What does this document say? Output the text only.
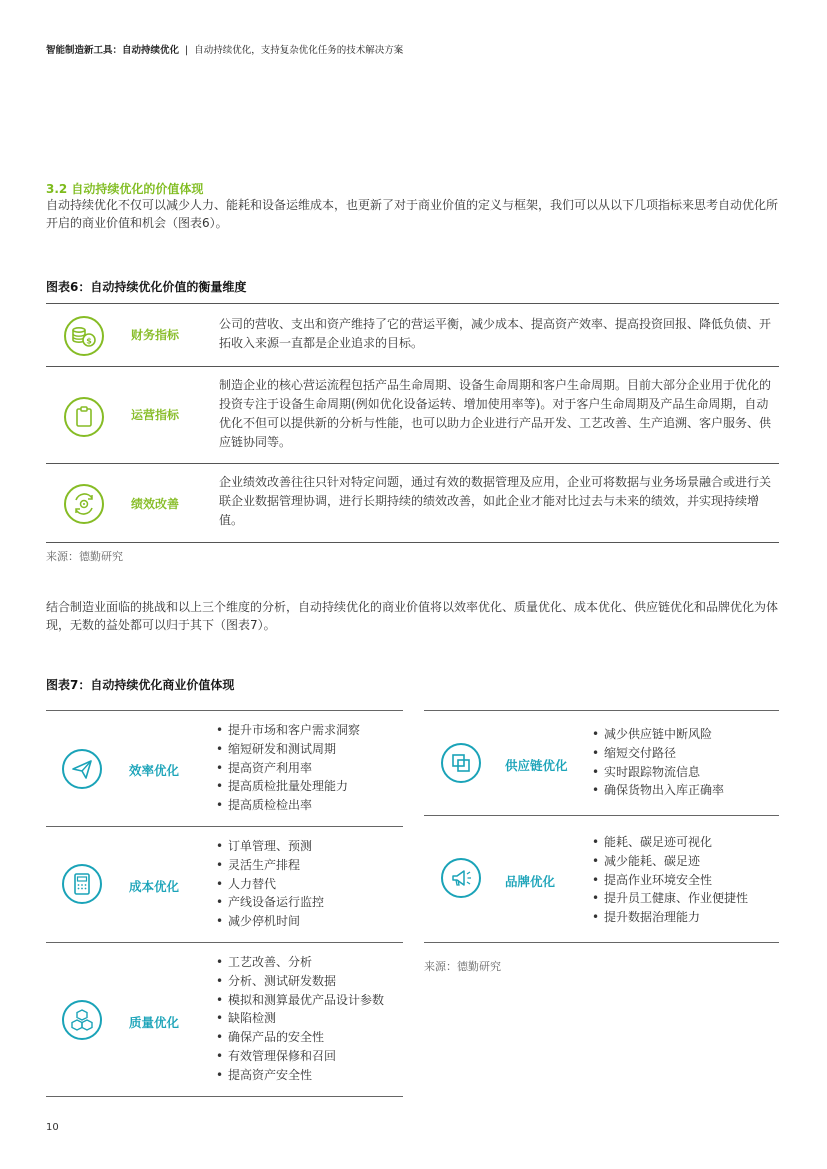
智能制造新工具：自动持续优化 | 自动持续优化，支持复杂优化任务的技术解决方案
3.2 自动持续优化的价值体现
自动持续优化不仅可以减少人力、能耗和设备运维成本，也更新了对于商业价值的定义与框架，我们可以从以下几项指标来思考自动优化所开启的商业价值和机会（图表6）。
图表6：自动持续优化价值的衡量维度
$	财务指标
公司的营收、支出和资产维持了它的营运平衡，减少成本、提高资产效率、提高投资回报、降低负债、开拓收入来源一直都是企业追求的目标。
运营指标
制造企业的核心营运流程包括产品生命周期、设备生命周期和客户生命周期。目前大部分企业用于优化的投资专注于设备生命周期(例如优化设备运转、增加使用率等)。对于客户生命周期及产品生命周期，自动优化不但可以提供新的分析与性能，也可以助力企业进行产品开发、工艺改善、生产追溯、客户服务、供应链协同等。
绩效改善
企业绩效改善往往只针对特定问题，通过有效的数据管理及应用，企业可将数据与业务场景融合或进行关联企业数据管理协调，进行长期持续的绩效改善，如此企业才能对比过去与未来的绩效，并实现持续增值。
来源：德勤研究
结合制造业面临的挑战和以上三个维度的分析，自动持续优化的商业价值将以效率优化、质量优化、成本优化、供应链优化和品牌优化为体现，无数的益处都可以归于其下（图表7）。
图表7：自动持续优化商业价值体现
效率优化
• 提升市场和客户需求洞察
• 缩短研发和测试周期
• 提高资产利用率
• 提高质检批量处理能力
• 提高质检检出率
成本优化
• 订单管理、预测
• 灵活生产排程
• 人力替代
• 产线设备运行监控
• 减少停机时间
质量优化
• 工艺改善、分析
• 分析、测试研发数据
• 模拟和测算最优产品设计参数
• 缺陷检测
• 确保产品的安全性
• 有效管理保修和召回
• 提高资产安全性
供应链优化
• 减少供应链中断风险
• 缩短交付路径
• 实时跟踪物流信息
• 确保货物出入库正确率
品牌优化
• 能耗、碳足迹可视化
• 减少能耗、碳足迹
• 提高作业环境安全性
• 提升员工健康、作业便捷性
• 提升数据治理能力
来源：德勤研究
10
